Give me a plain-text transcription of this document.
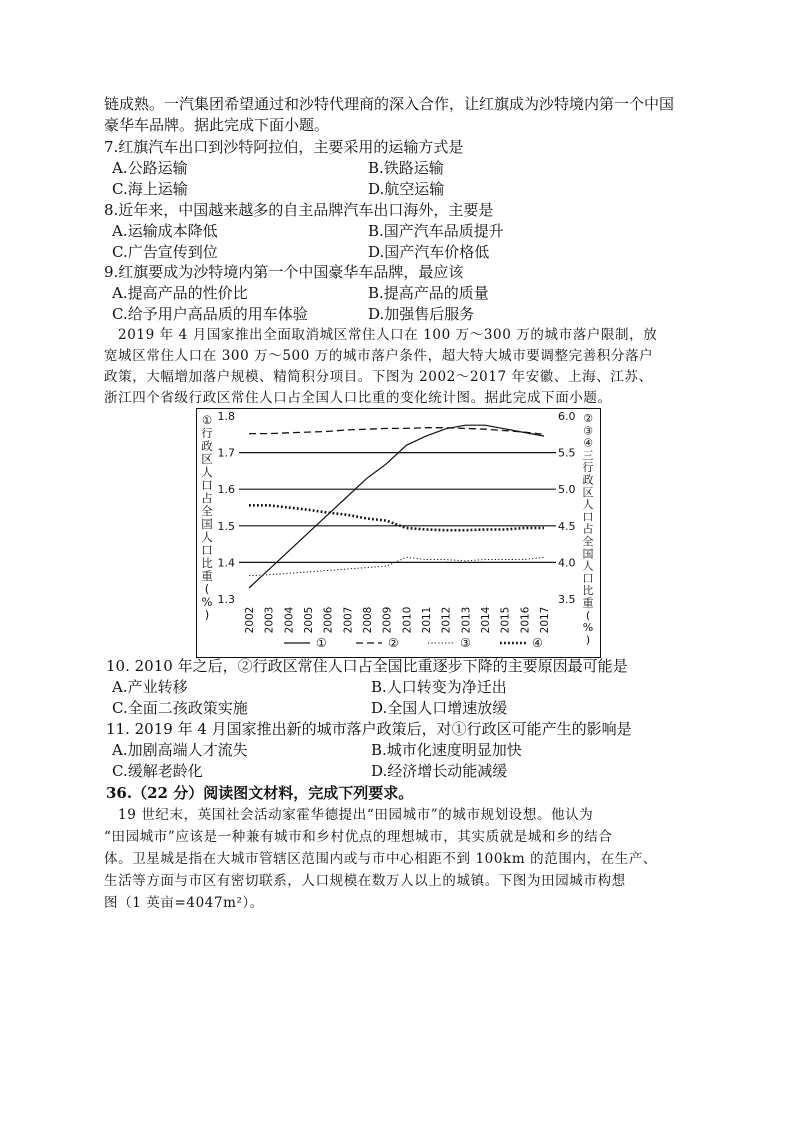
链成熟。一汽集团希望通过和沙特代理商的深入合作，让红旗成为沙特境内第一个中国
豪华车品牌。据此完成下面小题。
7.红旗汽车出口到沙特阿拉伯，主要采用的运输方式是
A.公路运输	B.铁路运输
C.海上运输	D.航空运输
8.近年来，中国越来越多的自主品牌汽车出口海外，主要是
A.运输成本降低	B.国产汽车品质提升
C.广告宣传到位	D.国产汽车价格低
9.红旗要成为沙特境内第一个中国豪华车品牌，最应该
A.提高产品的性价比	B.提高产品的质量
C.给予用户高品质的用车体验	D.加强售后服务
2019 年 4 月国家推出全面取消城区常住人口在 100 万～300 万的城市落户限制，放
宽城区常住人口在 300 万～500 万的城市落户条件，超大特大城市要调整完善积分落户
政策，大幅增加落户规模、精简积分项目。下图为 2002～2017 年安徽、上海、江苏、
浙江四个省级行政区常住人口占全国人口比重的变化统计图。据此完成下面小题。
1.8
1.7
1.6
1.5
1.4
1.3
6.0
5.5
5.0
4.5
4.0
3.5
2002 2003 2004 2005 2006 2007 2008 2009 2010 2011 2012 2013 2014 2015 2016 2017
①
行
政
区
人
口
占
全
国
人
口
比
重
(
%
)
②
③
④
三
行
政
区
人
口
占
全
国
人
口
比
重
(
%
)
①	②	③	④
10. 2010 年之后，②行政区常住人口占全国比重逐步下降的主要原因最可能是
A.产业转移	B.人口转变为净迁出
C.全面二孩政策实施	D.全国人口增速放缓
11. 2019 年 4 月国家推出新的城市落户政策后，对①行政区可能产生的影响是
A.加剧高端人才流失	B.城市化速度明显加快
C.缓解老龄化	D.经济增长动能减缓
36.（22 分）阅读图文材料，完成下列要求。
19 世纪末，英国社会活动家霍华德提出“田园城市”的城市规划设想。他认为
“田园城市”应该是一种兼有城市和乡村优点的理想城市，其实质就是城和乡的结合
体。卫星城是指在大城市管辖区范围内或与市中心相距不到 100km 的范围内，在生产、
生活等方面与市区有密切联系，人口规模在数万人以上的城镇。下图为田园城市构想
图（1 英亩=4047m²）。
